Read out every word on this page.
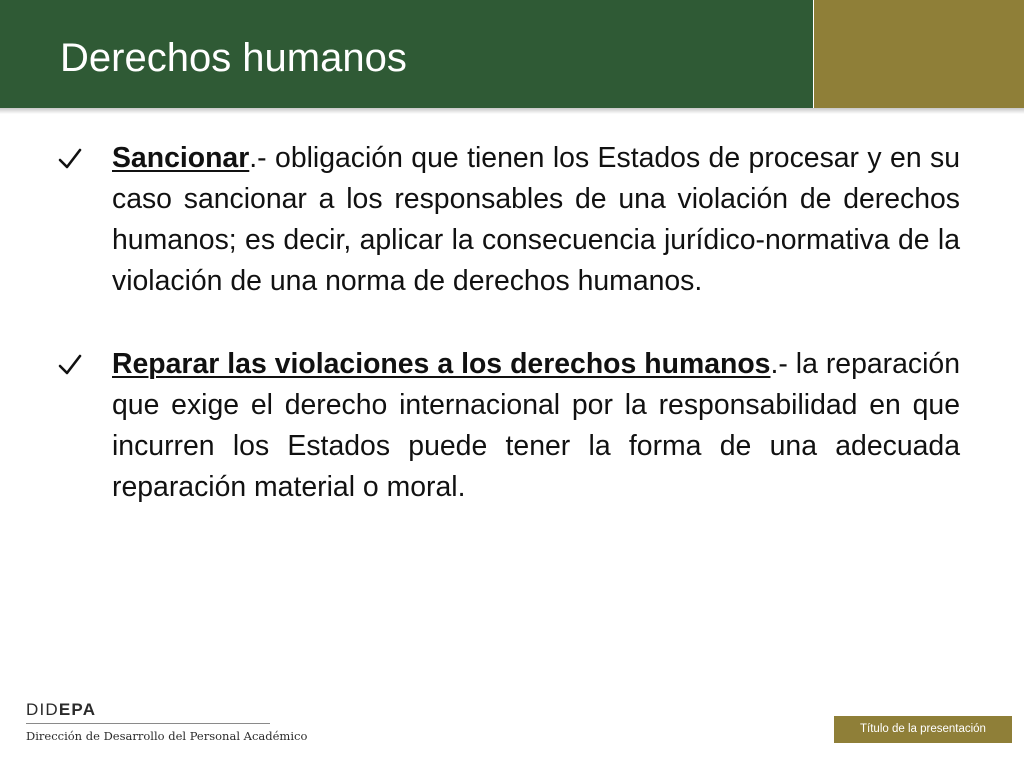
Derechos humanos

Sancionar.- obligación que tienen los Estados de procesar y en su caso sancionar a los responsables de una violación de derechos humanos; es decir, aplicar la consecuencia jurídico-normativa de la violación de una norma de derechos humanos.

Reparar las violaciones a los derechos humanos.- la reparación que exige el derecho internacional por la responsabilidad en que incurren los Estados puede tener la forma de una adecuada reparación material o moral.

DIDEPA
Dirección de Desarrollo del Personal Académico	Título de la presentación
